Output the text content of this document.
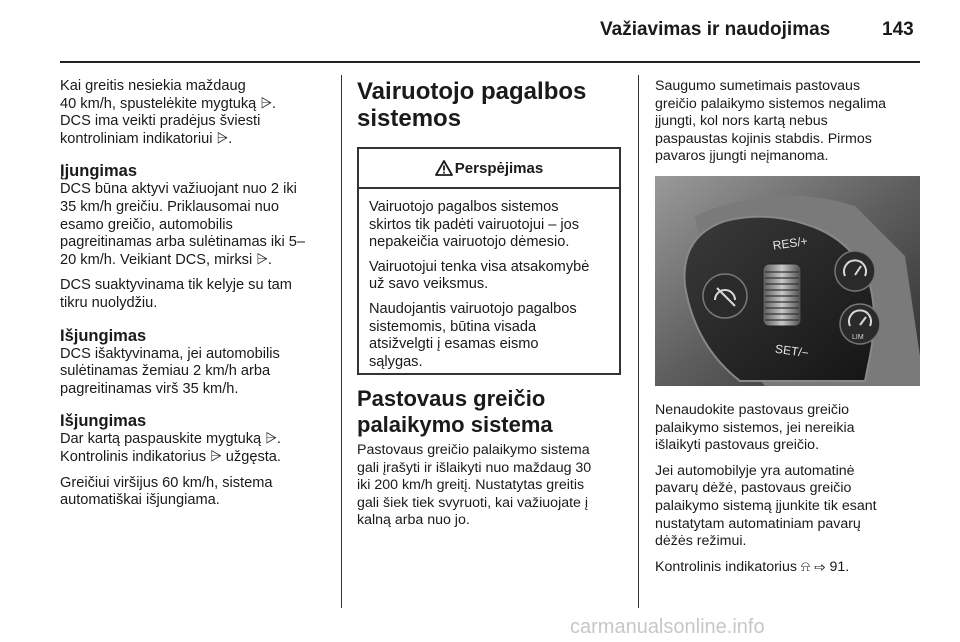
Važiavimas ir naudojimas	143

Kai greitis nesiekia maždaug
40 km/h, spustelėkite mygtuką ⩥.
DCS ima veikti pradėjus šviesti
kontroliniam indikatoriui ⩥.

Įjungimas

DCS būna aktyvi važiuojant nuo 2 iki
35 km/h greičiu. Priklausomai nuo
esamo greičio, automobilis
pagreitinamas arba sulėtinamas iki 5–
20 km/h. Veikiant DCS, mirksi ⩥.

DCS suaktyvinama tik kelyje su tam
tikru nuolydžiu.

Išjungimas

DCS išaktyvinama, jei automobilis
sulėtinamas žemiau 2 km/h arba
pagreitinamas virš 35 km/h.

Išjungimas

Dar kartą paspauskite mygtuką ⩥.
Kontrolinis indikatorius ⩥ užgęsta.

Greičiui viršijus 60 km/h, sistema
automatiškai išjungiama.

Vairuotojo pagalbos
sistemos
Perspėjimas

Vairuotojo pagalbos sistemos
skirtos tik padėti vairuotojui – jos
nepakeičia vairuotojo dėmesio.

Vairuotojui tenka visa atsakomybė
už savo veiksmus.

Naudojantis vairuotojo pagalbos
sistemomis, būtina visada
atsižvelgti į esamas eismo
sąlygas.

Pastovaus greičio
palaikymo sistema
Pastovaus greičio palaikymo sistema
gali įrašyti ir išlaikyti nuo maždaug 30
iki 200 km/h greitį. Nustatytas greitis
gali šiek tiek svyruoti, kai važiuojate į
kalną arba nuo jo.
Saugumo sumetimais pastovaus
greičio palaikymo sistemos negalima
įjungti, kol nors kartą nebus
paspaustas kojinis stabdis. Pirmos
pavaros įjungti neįmanoma.
RES/+
SET/−
LIM

Nenaudokite pastovaus greičio
palaikymo sistemos, jei nereikia
išlaikyti pastovaus greičio.

Jei automobilyje yra automatinė
pavarų dėžė, pastovaus greičio
palaikymo sistemą įjunkite tik esant
nustatytam automatiniam pavarų
dėžės režimui.

Kontrolinis indikatorius ⍾ ⇨ 91.

carmanualsonline.info
